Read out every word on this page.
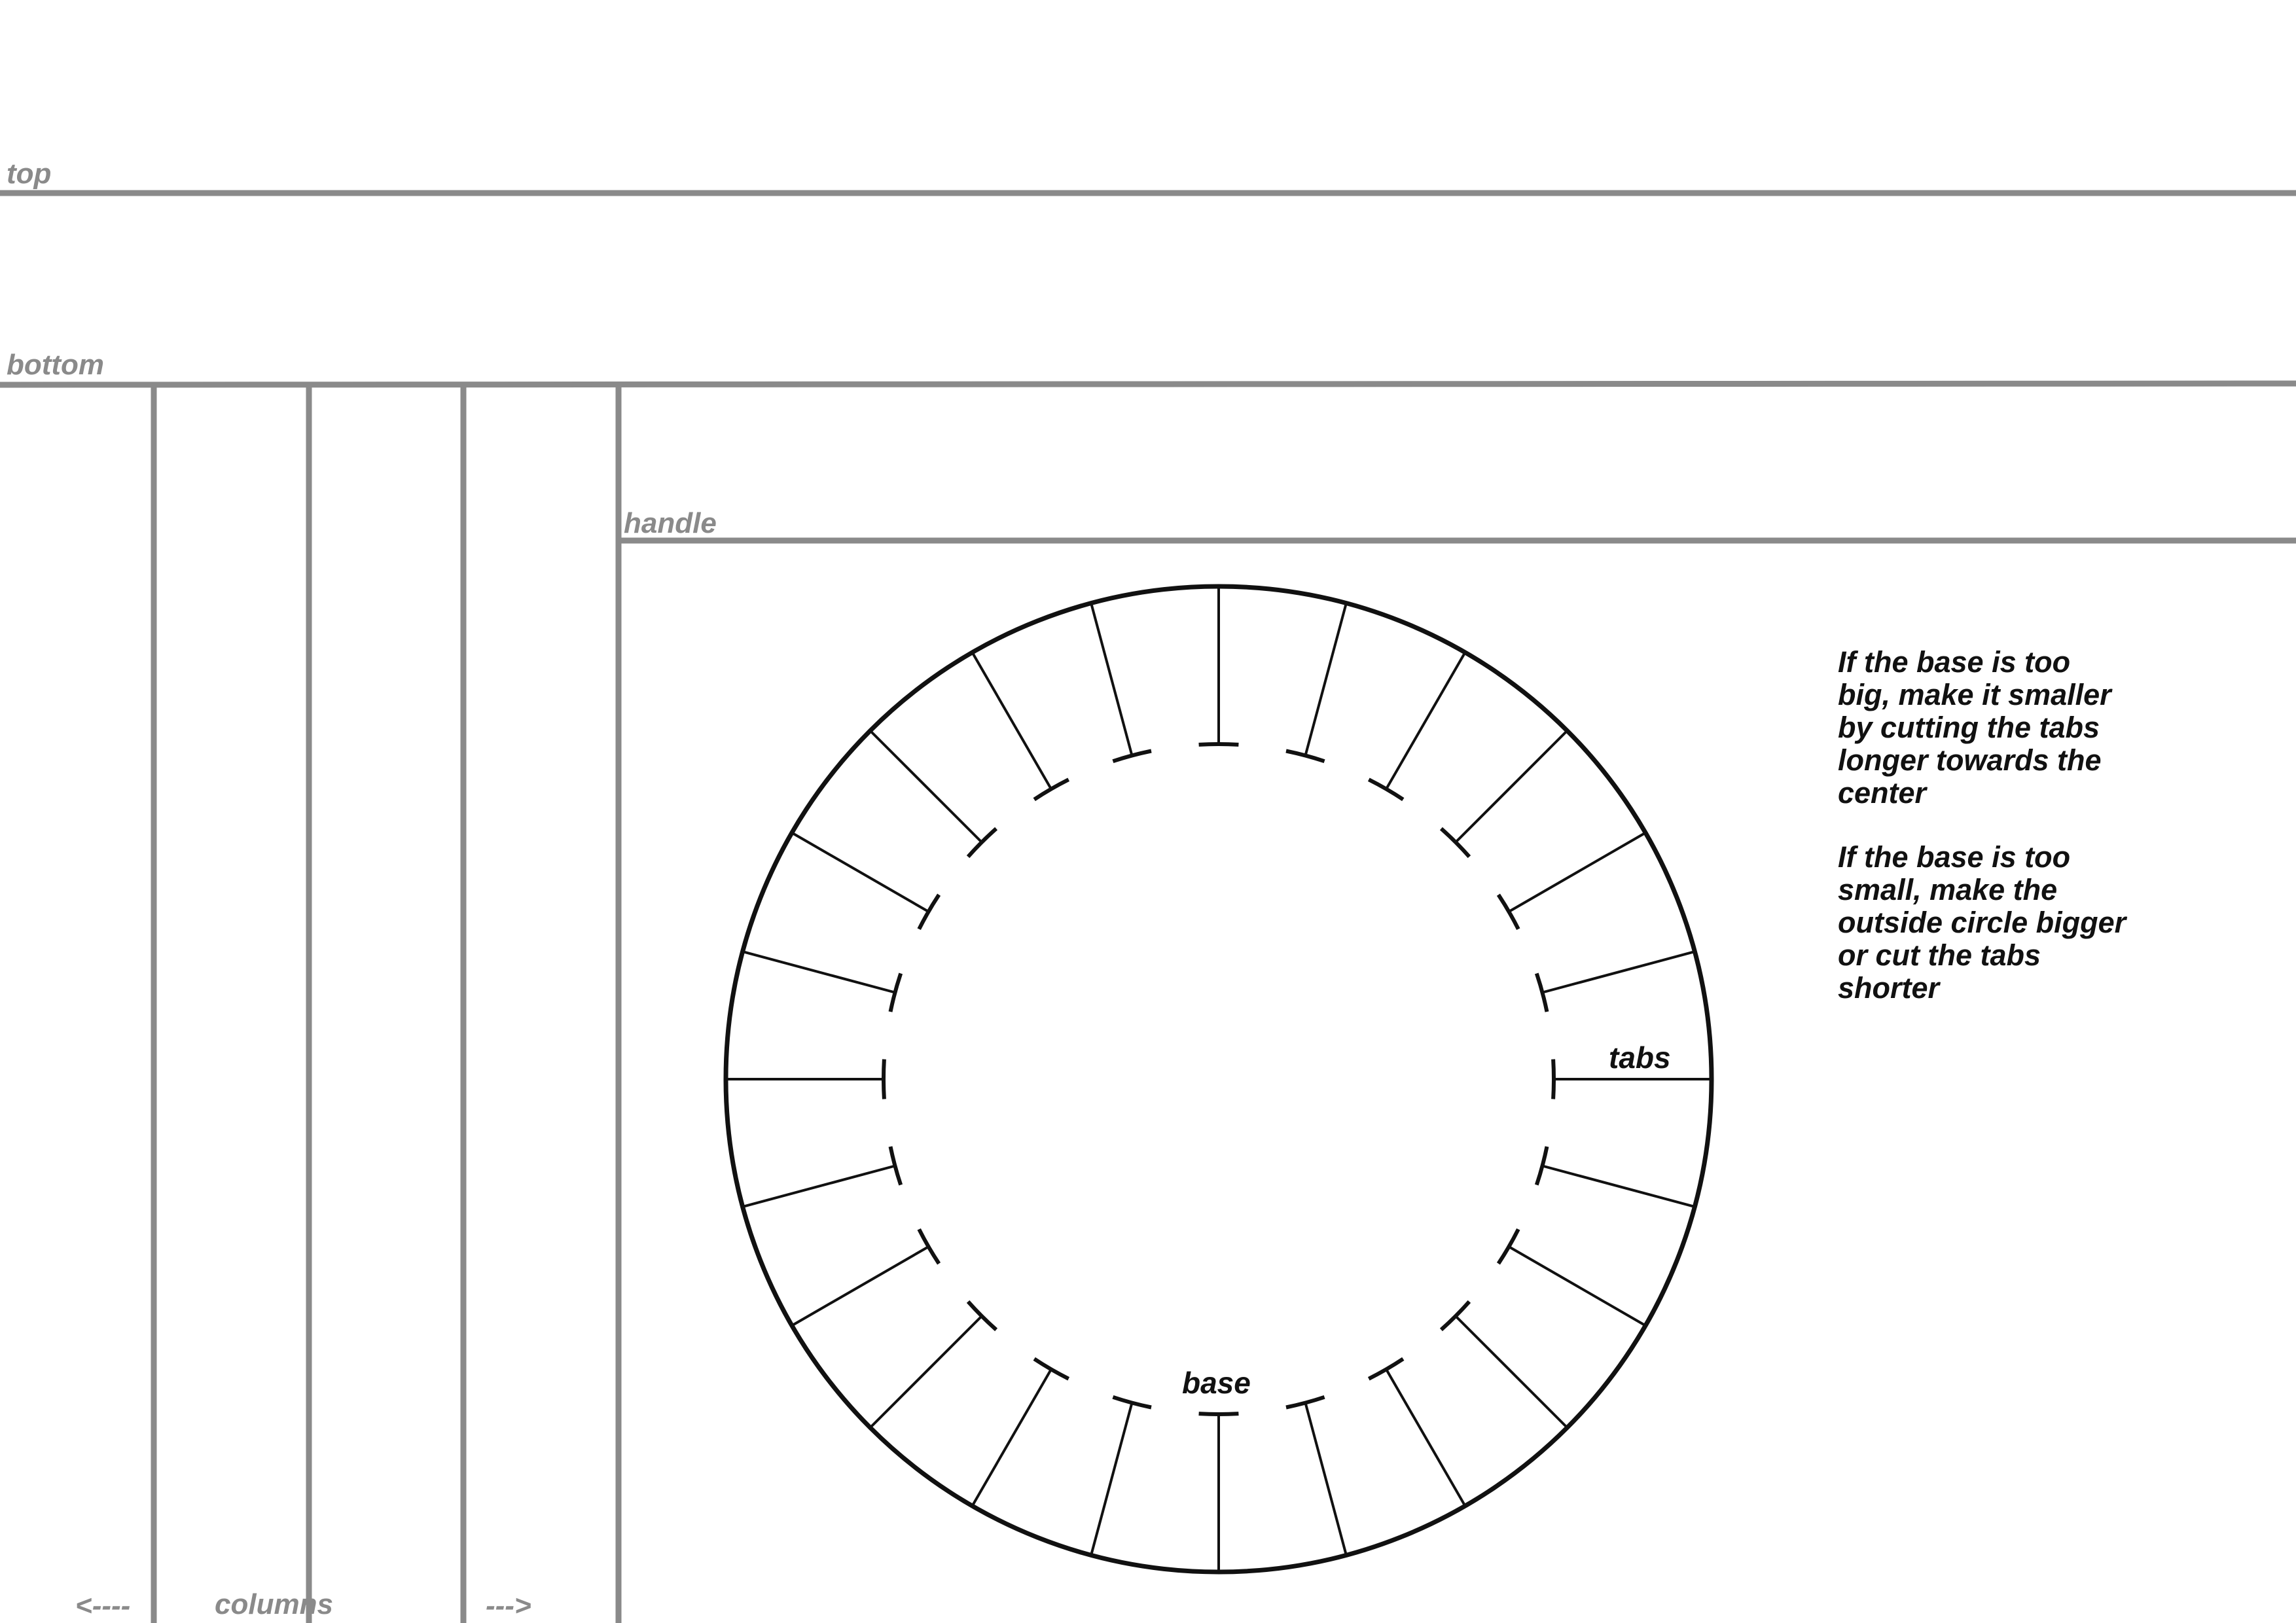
top
bottom
handle
<----	columns	--->
tabs
base
If the base is too
big, make it smaller
by cutting the tabs
longer towards the
center
If the base is too
small, make the
outside circle bigger
or cut the tabs
shorter
